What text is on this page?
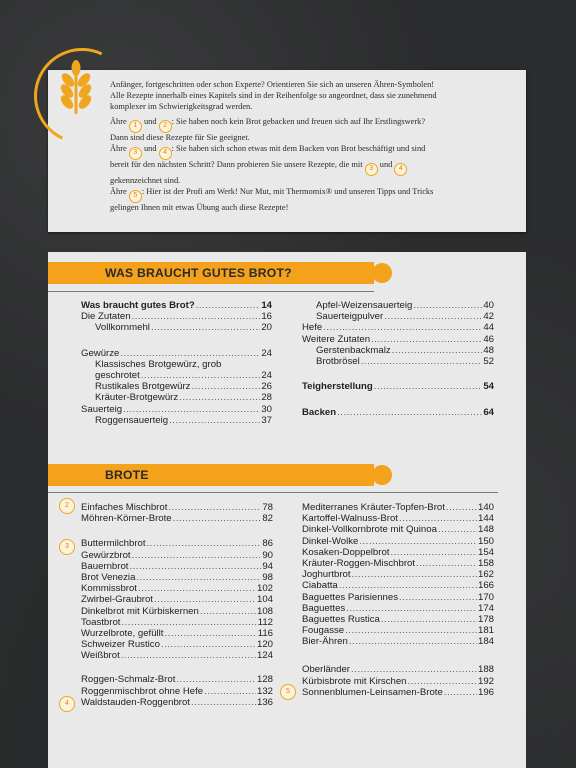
Anfänger, fortgeschritten oder schon Experte? Orientieren Sie sich an unseren Ähren-Symbolen!
Alle Rezepte innerhalb eines Kapitels sind in der Reihenfolge so angeordnet, dass sie zunehmend
komplexer im Schwierigkeitsgrad werden.

Ähre 1 und 2 : Sie haben noch kein Brot gebacken und freuen sich auf Ihr Erstlingswerk?
Dann sind diese Rezepte für Sie geeignet.
Ähre 3 und 4 : Sie haben sich schon etwas mit dem Backen von Brot beschäftigt und sind
bereit für den nächsten Schritt? Dann probieren Sie unsere Rezepte, die mit 3 und 4
gekennzeichnet sind.
Ähre 5 : Hier ist der Profi am Werk! Nur Mut, mit Thermomix® und unseren Tipps und Tricks
gelingen Ihnen mit etwas Übung auch diese Rezepte!

WAS BRAUCHT GUTES BROT?
Was braucht gutes Brot? .....	14
Die Zutaten .....	16
Vollkornmehl .....	20
Gewürze .....	24
Klassisches Brotgewürz, grob
geschrotet .....	24
Rustikales Brotgewürz .....	26
Kräuter-Brotgewürz .....	28
Sauerteig .....	30
Roggensauerteig .....	37
Apfel-Weizensauerteig .....	40
Sauerteigpulver .....	42
Hefe .....	44
Weitere Zutaten .....	46
Gerstenbackmalz .....	48
Brotbrösel .....	52
Teigherstellung .....	54
Backen .....	64
BROTE
2
3
4
5
Einfaches Mischbrot .....	78
Möhren-Körner-Brote .....	82
Buttermilchbrot .....	86
Gewürzbrot .....	90
Bauernbrot .....	94
Brot Venezia .....	98
Kommissbrot .....	102
Zwirbel-Graubrot .....	104
Dinkelbrot mit Kürbiskernen .....	108
Toastbrot .....	112
Wurzelbrote, gefüllt .....	116
Schweizer Rustico .....	120
Weißbrot .....	124
Roggen-Schmalz-Brot .....	128
Roggenmischbrot ohne Hefe .....	132
Waldstauden-Roggenbrot .....	136
Mediterranes Kräuter-Topfen-Brot .....	140
Kartoffel-Walnuss-Brot .....	144
Dinkel-Vollkornbrote mit Quinoa .....	148
Dinkel-Wolke .....	150
Kosaken-Doppelbrot .....	154
Kräuter-Roggen-Mischbrot .....	158
Joghurtbrot .....	162
Ciabatta .....	166
Baguettes Parisiennes .....	170
Baguettes .....	174
Baguettes Rustica .....	178
Fougasse .....	181
Bier-Ähren .....	184
Oberländer .....	188
Kürbisbrote mit Kirschen .....	192
Sonnenblumen-Leinsamen-Brote .....	196
